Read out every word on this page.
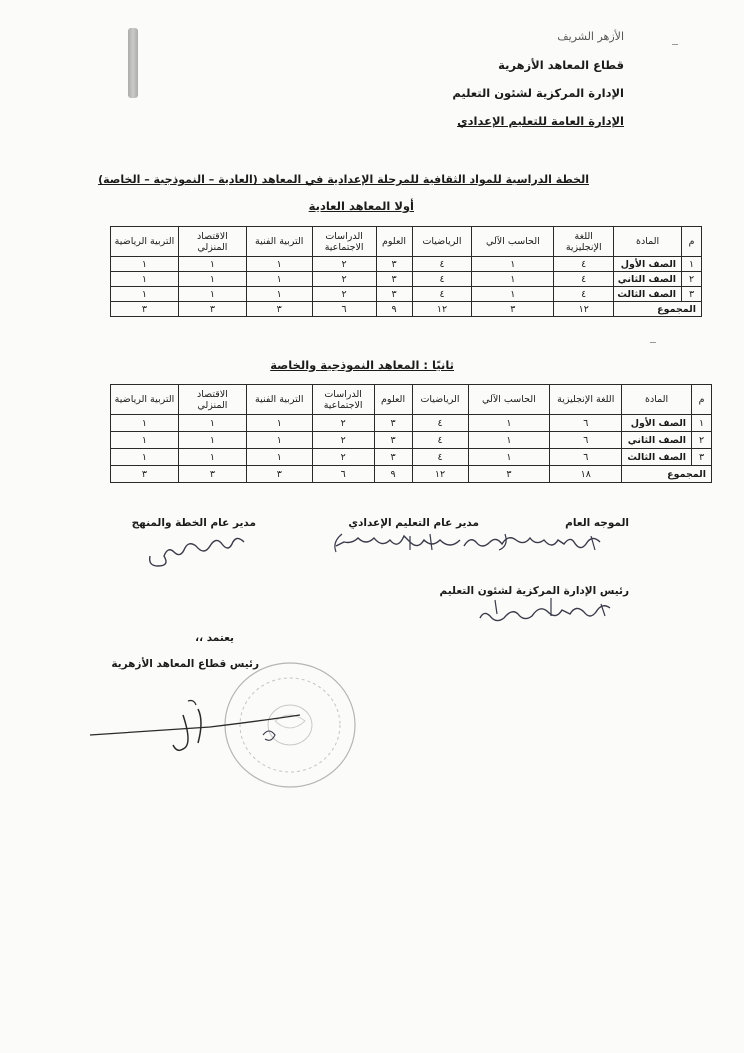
الأزهر الشريف
قطاع المعاهد الأزهرية
الإدارة المركزية لشئون التعليم
الإدارة العامة للتعليم الإعدادي
الخطة الدراسية للمواد الثقافية للمرحلة الإعدادية في المعاهد (العادية – النموذجية – الخاصة)
أولا المعاهد العادية
م	المادة	اللغة الإنجليزية	الحاسب الآلي	الرياضيات	العلوم	الدراسات الاجتماعية	التربية الفنية	الاقتصاد المنزلي	التربية الرياضية
١	الصف الأول	٤	١	٤	٣	٢	١	١	١
٢	الصف الثاني	٤	١	٤	٣	٢	١	١	١
٣	الصف الثالث	٤	١	٤	٣	٢	١	١	١
المجموع		١٢	٣	١٢	٩	٦	٣	٣	٣
ثانيًا : المعاهد النموذجية والخاصة
م	المادة	اللغة الإنجليزية	الحاسب الآلي	الرياضيات	العلوم	الدراسات الاجتماعية	التربية الفنية	الاقتصاد المنزلي	التربية الرياضية
١	الصف الأول	٦	١	٤	٣	٢	١	١	١
٢	الصف الثاني	٦	١	٤	٣	٢	١	١	١
٣	الصف الثالث	٦	١	٤	٣	٢	١	١	١
المجموع		١٨	٣	١٢	٩	٦	٣	٣	٣
الموجه العام
مدير عام التعليم الإعدادي
مدير عام الخطة والمنهج
رئيس الإدارة المركزية لشئون التعليم
يعتمد ،،
رئيس قطاع المعاهد الأزهرية
